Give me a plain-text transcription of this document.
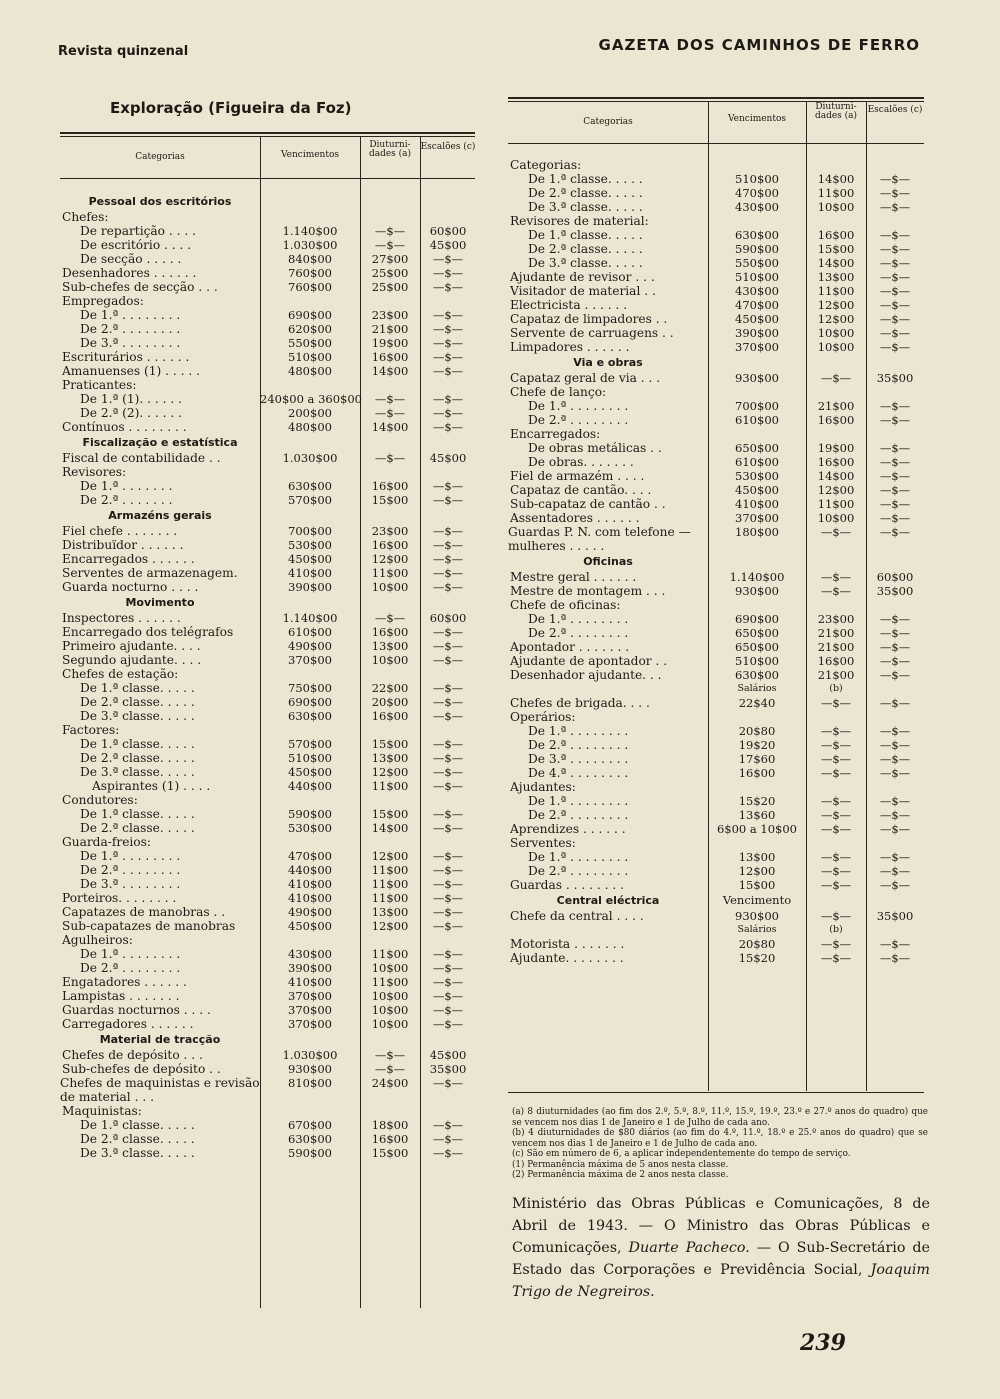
Revista quinzenal	GAZETA DOS CAMINHOS DE FERRO
Exploração (Figueira da Foz)
Categorias	Vencimentos
Diuturni- dades (a)
Escalões (c)
Categorias	Vencimentos
Diuturni- dades (a)
Escalões (c)
Pessoal dos escritórios
Chefes:
De repartição . . . .	1.140$00	—$—	60$00
De escritório . . . .	1.030$00	—$—	45$00
De secção . . . . .	840$00	27$00	—$—
Desenhadores . . . . . .	760$00	25$00	—$—
Sub-chefes de secção . . .	760$00	25$00	—$—
Empregados:
De 1.ª . . . . . . . .	690$00	23$00	—$—
De 2.ª . . . . . . . .	620$00	21$00	—$—
De 3.ª . . . . . . . .	550$00	19$00	—$—
Escriturários . . . . . .	510$00	16$00	—$—
Amanuenses (1) . . . . .	480$00	14$00	—$—
Praticantes:
De 1.ª (1). . . . . .	240$00 a 360$00	—$—	—$—
De 2.ª (2). . . . . .	200$00	—$—	—$—
Contínuos . . . . . . . .	480$00	14$00	—$—
Fiscalização e estatística
Fiscal de contabilidade . .	1.030$00	—$—	45$00
Revisores:
De 1.ª . . . . . . .	630$00	16$00	—$—
De 2.ª . . . . . . .	570$00	15$00	—$—
Armazéns gerais
Fiel chefe . . . . . . .	700$00	23$00	—$—
Distribuïdor . . . . . .	530$00	16$00	—$—
Encarregados . . . . . .	450$00	12$00	—$—
Serventes de armazenagem.	410$00	11$00	—$—
Guarda nocturno . . . .	390$00	10$00	—$—
Movimento
Inspectores . . . . . .	1.140$00	—$—	60$00
Encarregado dos telégrafos	610$00	16$00	—$—
Primeiro ajudante. . . .	490$00	13$00	—$—
Segundo ajudante. . . .	370$00	10$00	—$—
Chefes de estação:
De 1.ª classe. . . . .	750$00	22$00	—$—
De 2.ª classe. . . . .	690$00	20$00	—$—
De 3.ª classe. . . . .	630$00	16$00	—$—
Factores:
De 1.ª classe. . . . .	570$00	15$00	—$—
De 2.ª classe. . . . .	510$00	13$00	—$—
De 3.ª classe. . . . .	450$00	12$00	—$—
Aspirantes (1) . . . .	440$00	11$00	—$—
Condutores:
De 1.ª classe. . . . .	590$00	15$00	—$—
De 2.ª classe. . . . .	530$00	14$00	—$—
Guarda-freios:
De 1.ª . . . . . . . .	470$00	12$00	—$—
De 2.ª . . . . . . . .	440$00	11$00	—$—
De 3.ª . . . . . . . .	410$00	11$00	—$—
Porteiros. . . . . . . .	410$00	11$00	—$—
Capatazes de manobras . .	490$00	13$00	—$—
Sub-capatazes de manobras	450$00	12$00	—$—
Agulheiros:
De 1.ª . . . . . . . .	430$00	11$00	—$—
De 2.ª . . . . . . . .	390$00	10$00	—$—
Engatadores . . . . . .	410$00	11$00	—$—
Lampistas . . . . . . .	370$00	10$00	—$—
Guardas nocturnos . . . .	370$00	10$00	—$—
Carregadores . . . . . .	370$00	10$00	—$—
Material de tracção
Chefes de depósito . . .	1.030$00	—$—	45$00
Sub-chefes de depósito . .	930$00	—$—	35$00
Chefes de maquinistas e revisão de material . . .
810$00	24$00	—$—
Maquinistas:
De 1.ª classe. . . . .	670$00	18$00	—$—
De 2.ª classe. . . . .	630$00	16$00	—$—
De 3.ª classe. . . . .	590$00	15$00	—$—
Categorias:
De 1.ª classe. . . . .	510$00	14$00	—$—
De 2.ª classe. . . . .	470$00	11$00	—$—
De 3.ª classe. . . . .	430$00	10$00	—$—
Revisores de material:
De 1.ª classe. . . . .	630$00	16$00	—$—
De 2.ª classe. . . . .	590$00	15$00	—$—
De 3.ª classe. . . . .	550$00	14$00	—$—
Ajudante de revisor . . .	510$00	13$00	—$—
Visitador de material . .	430$00	11$00	—$—
Electricista . . . . . .	470$00	12$00	—$—
Capataz de limpadores . .	450$00	12$00	—$—
Servente de carruagens . .	390$00	10$00	—$—
Limpadores . . . . . .	370$00	10$00	—$—
Via e obras
Capataz geral de via . . .	930$00	—$—	35$00
Chefe de lanço:
De 1.ª . . . . . . . .	700$00	21$00	—$—
De 2.ª . . . . . . . .	610$00	16$00	—$—
Encarregados:
De obras metálicas . .	650$00	19$00	—$—
De obras. . . . . . .	610$00	16$00	—$—
Fiel de armazém . . . .	530$00	14$00	—$—
Capataz de cantão. . . .	450$00	12$00	—$—
Sub-capataz de cantão . .	410$00	11$00	—$—
Assentadores . . . . . .	370$00	10$00	—$—
Guardas P. N. com telefone — mulheres . . . . .
180$00	—$—	—$—
Oficinas
Mestre geral . . . . . .	1.140$00	—$—	60$00
Mestre de montagem . . .	930$00	—$—	35$00
Chefe de oficinas:
De 1.ª . . . . . . . .	690$00	23$00	—$—
De 2.ª . . . . . . . .	650$00	21$00	—$—
Apontador . . . . . . .	650$00	21$00	—$—
Ajudante de apontador . .	510$00	16$00	—$—
Desenhador ajudante. . .	630$00	21$00	—$—
Salários	(b)
Chefes de brigada. . . .	22$40	—$—	—$—
Operários:
De 1.ª . . . . . . . .	20$80	—$—	—$—
De 2.ª . . . . . . . .	19$20	—$—	—$—
De 3.ª . . . . . . . .	17$60	—$—	—$—
De 4.ª . . . . . . . .	16$00	—$—	—$—
Ajudantes:
De 1.ª . . . . . . . .	15$20	—$—	—$—
De 2.ª . . . . . . . .	13$60	—$—	—$—
Aprendizes . . . . . .	6$00 a 10$00	—$—	—$—
Serventes:
De 1.ª . . . . . . . .	13$00	—$—	—$—
De 2.ª . . . . . . . .	12$00	—$—	—$—
Guardas . . . . . . . .	15$00	—$—	—$—
Central eléctrica	Vencimento
Chefe da central . . . .	930$00	—$—	35$00
Salários	(b)
Motorista . . . . . . .	20$80	—$—	—$—
Ajudante. . . . . . . .	15$20	—$—	—$—
(a) 8 diuturnidades (ao fim dos 2.º, 5.º, 8.º, 11.º, 15.º, 19.º, 23.º e 27.º anos do quadro) que se vencem nos dias 1 de Janeiro e 1 de Julho de cada ano.
(b) 4 diuturnidades de $80 diários (ao fim do 4.º, 11.º, 18.º e 25.º anos do quadro) que se vencem nos dias 1 de Janeiro e 1 de Julho de cada ano.
(c) São em número de 6, a aplicar independentemente do tempo de serviço.
(1) Permanência máxima de 5 anos nesta classe.
(2) Permanência máxima de 2 anos nesta classe.
Ministério das Obras Públicas e Comunicações, 8 de Abril de 1943. — O Ministro das Obras Públicas e Comunicações, Duarte Pacheco. — O Sub-Secretário de Estado das Corporações e Previdência Social, Joaquim Trigo de Negreiros.
239
